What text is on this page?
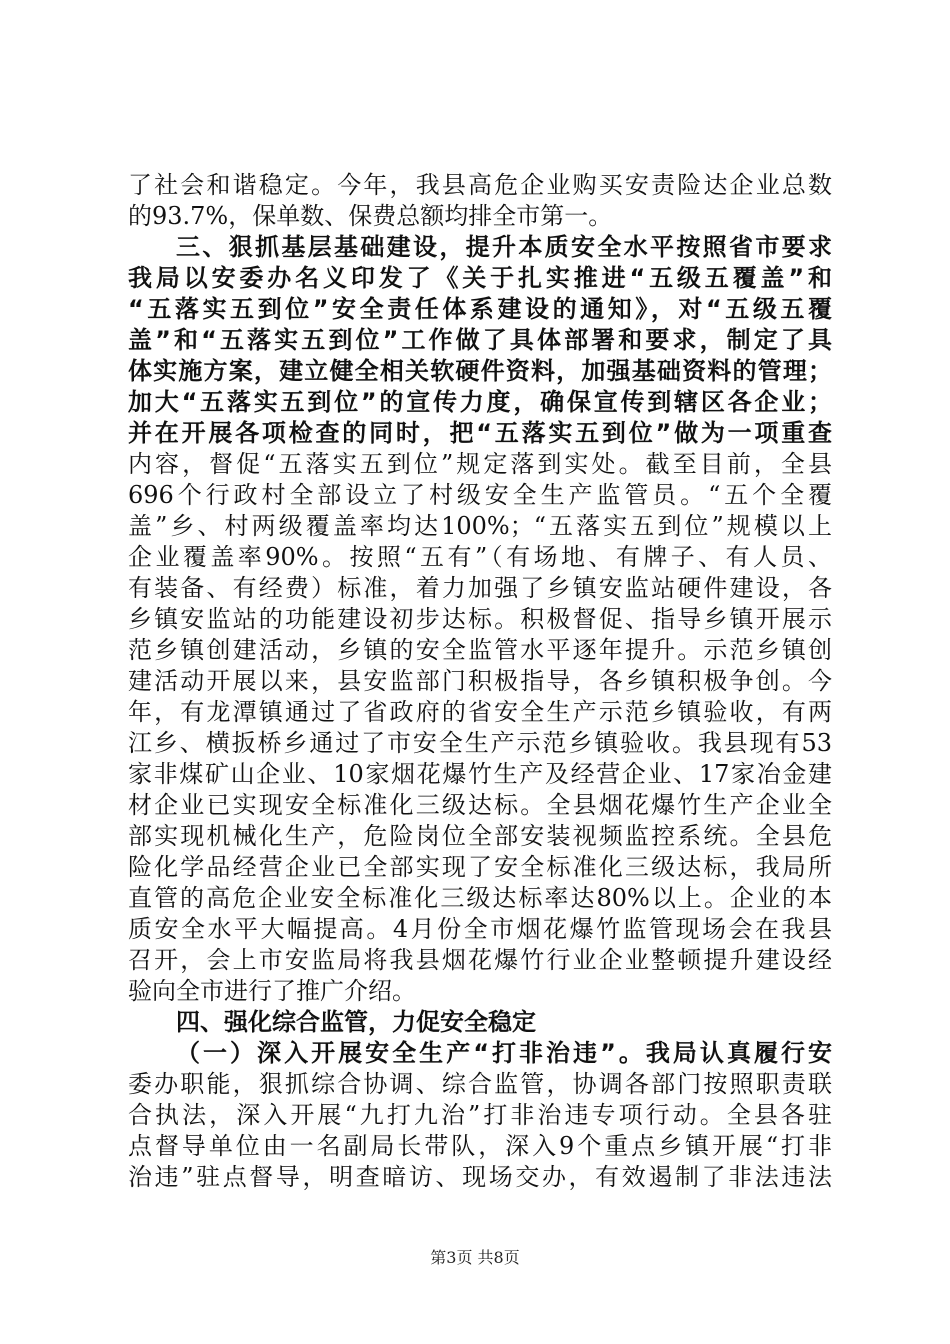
了社会和谐稳定。今年，我县高危企业购买安责险达企业总数
的93.7%，保单数、保费总额均排全市第一。
三、狠抓基层基础建设，提升本质安全水平按照省市要求
我局以安委办名义印发了《关于扎实推进“五级五覆盖”和
“五落实五到位”安全责任体系建设的通知》，对“五级五覆
盖”和“五落实五到位”工作做了具体部署和要求，制定了具
体实施方案，建立健全相关软硬件资料，加强基础资料的管理；
加大“五落实五到位”的宣传力度，确保宣传到辖区各企业；
并在开展各项检查的同时，把“五落实五到位”做为一项重查
内容，督促“五落实五到位”规定落到实处。截至目前，全县
696个行政村全部设立了村级安全生产监管员。“五个全覆
盖”乡、村两级覆盖率均达100%；“五落实五到位”规模以上
企业覆盖率90%。按照“五有”（有场地、有牌子、有人员、
有装备、有经费）标准，着力加强了乡镇安监站硬件建设，各
乡镇安监站的功能建设初步达标。积极督促、指导乡镇开展示
范乡镇创建活动，乡镇的安全监管水平逐年提升。示范乡镇创
建活动开展以来，县安监部门积极指导，各乡镇积极争创。今
年，有龙潭镇通过了省政府的省安全生产示范乡镇验收，有两
江乡、横扳桥乡通过了市安全生产示范乡镇验收。我县现有53
家非煤矿山企业、10家烟花爆竹生产及经营企业、17家冶金建
材企业已实现安全标准化三级达标。全县烟花爆竹生产企业全
部实现机械化生产，危险岗位全部安装视频监控系统。全县危
险化学品经营企业已全部实现了安全标准化三级达标，我局所
直管的高危企业安全标准化三级达标率达80%以上。企业的本
质安全水平大幅提高。4月份全市烟花爆竹监管现场会在我县
召开，会上市安监局将我县烟花爆竹行业企业整顿提升建设经
验向全市进行了推广介绍。
四、强化综合监管，力促安全稳定
（一）深入开展安全生产“打非治违”。我局认真履行安
委办职能，狠抓综合协调、综合监管，协调各部门按照职责联
合执法，深入开展“九打九治”打非治违专项行动。全县各驻
点督导单位由一名副局长带队，深入9个重点乡镇开展“打非
治违”驻点督导，明查暗访、现场交办，有效遏制了非法违法
第3页 共8页
